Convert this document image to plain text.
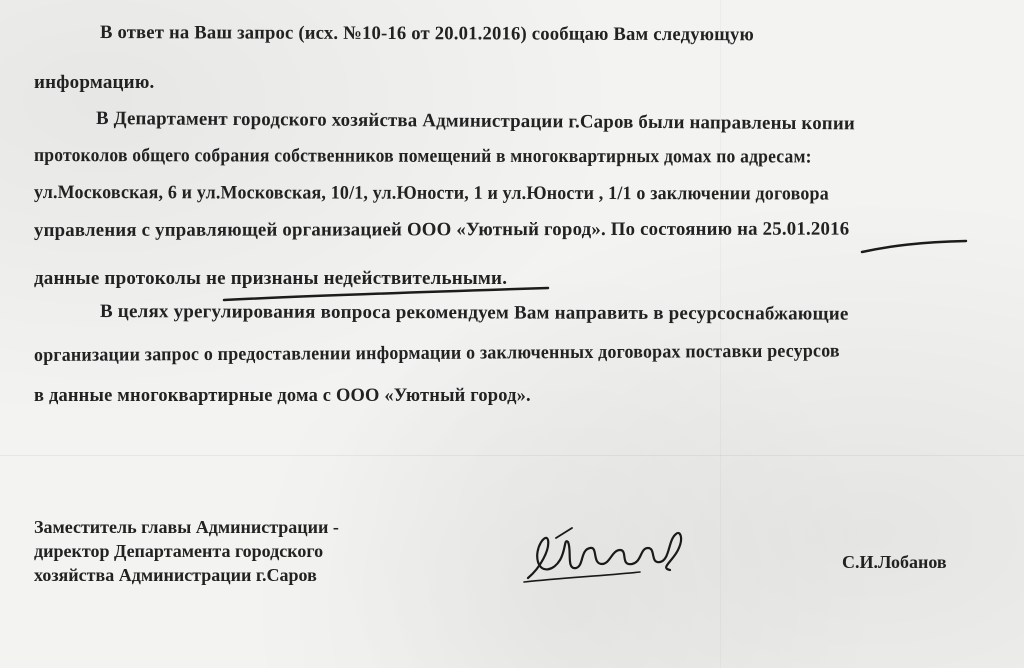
В ответ на Ваш запрос (исх. №10-16 от 20.01.2016) сообщаю Вам следующую
информацию.
В Департамент городского хозяйства Администрации г.Саров были направлены копии
протоколов общего собрания собственников помещений в многоквартирных домах по адресам:
ул.Московская, 6 и ул.Московская, 10/1, ул.Юности, 1 и ул.Юности , 1/1 о заключении договора
управления с управляющей организацией ООО «Уютный город». По состоянию на 25.01.2016
данные протоколы не признаны недействительными.
В целях урегулирования вопроса рекомендуем Вам направить в ресурсоснабжающие
организации запрос о предоставлении информации о заключенных договорах поставки ресурсов
в данные многоквартирные дома с ООО «Уютный город».
Заместитель главы Администрации -
директор Департамента городского
хозяйства Администрации г.Саров
С.И.Лобанов
